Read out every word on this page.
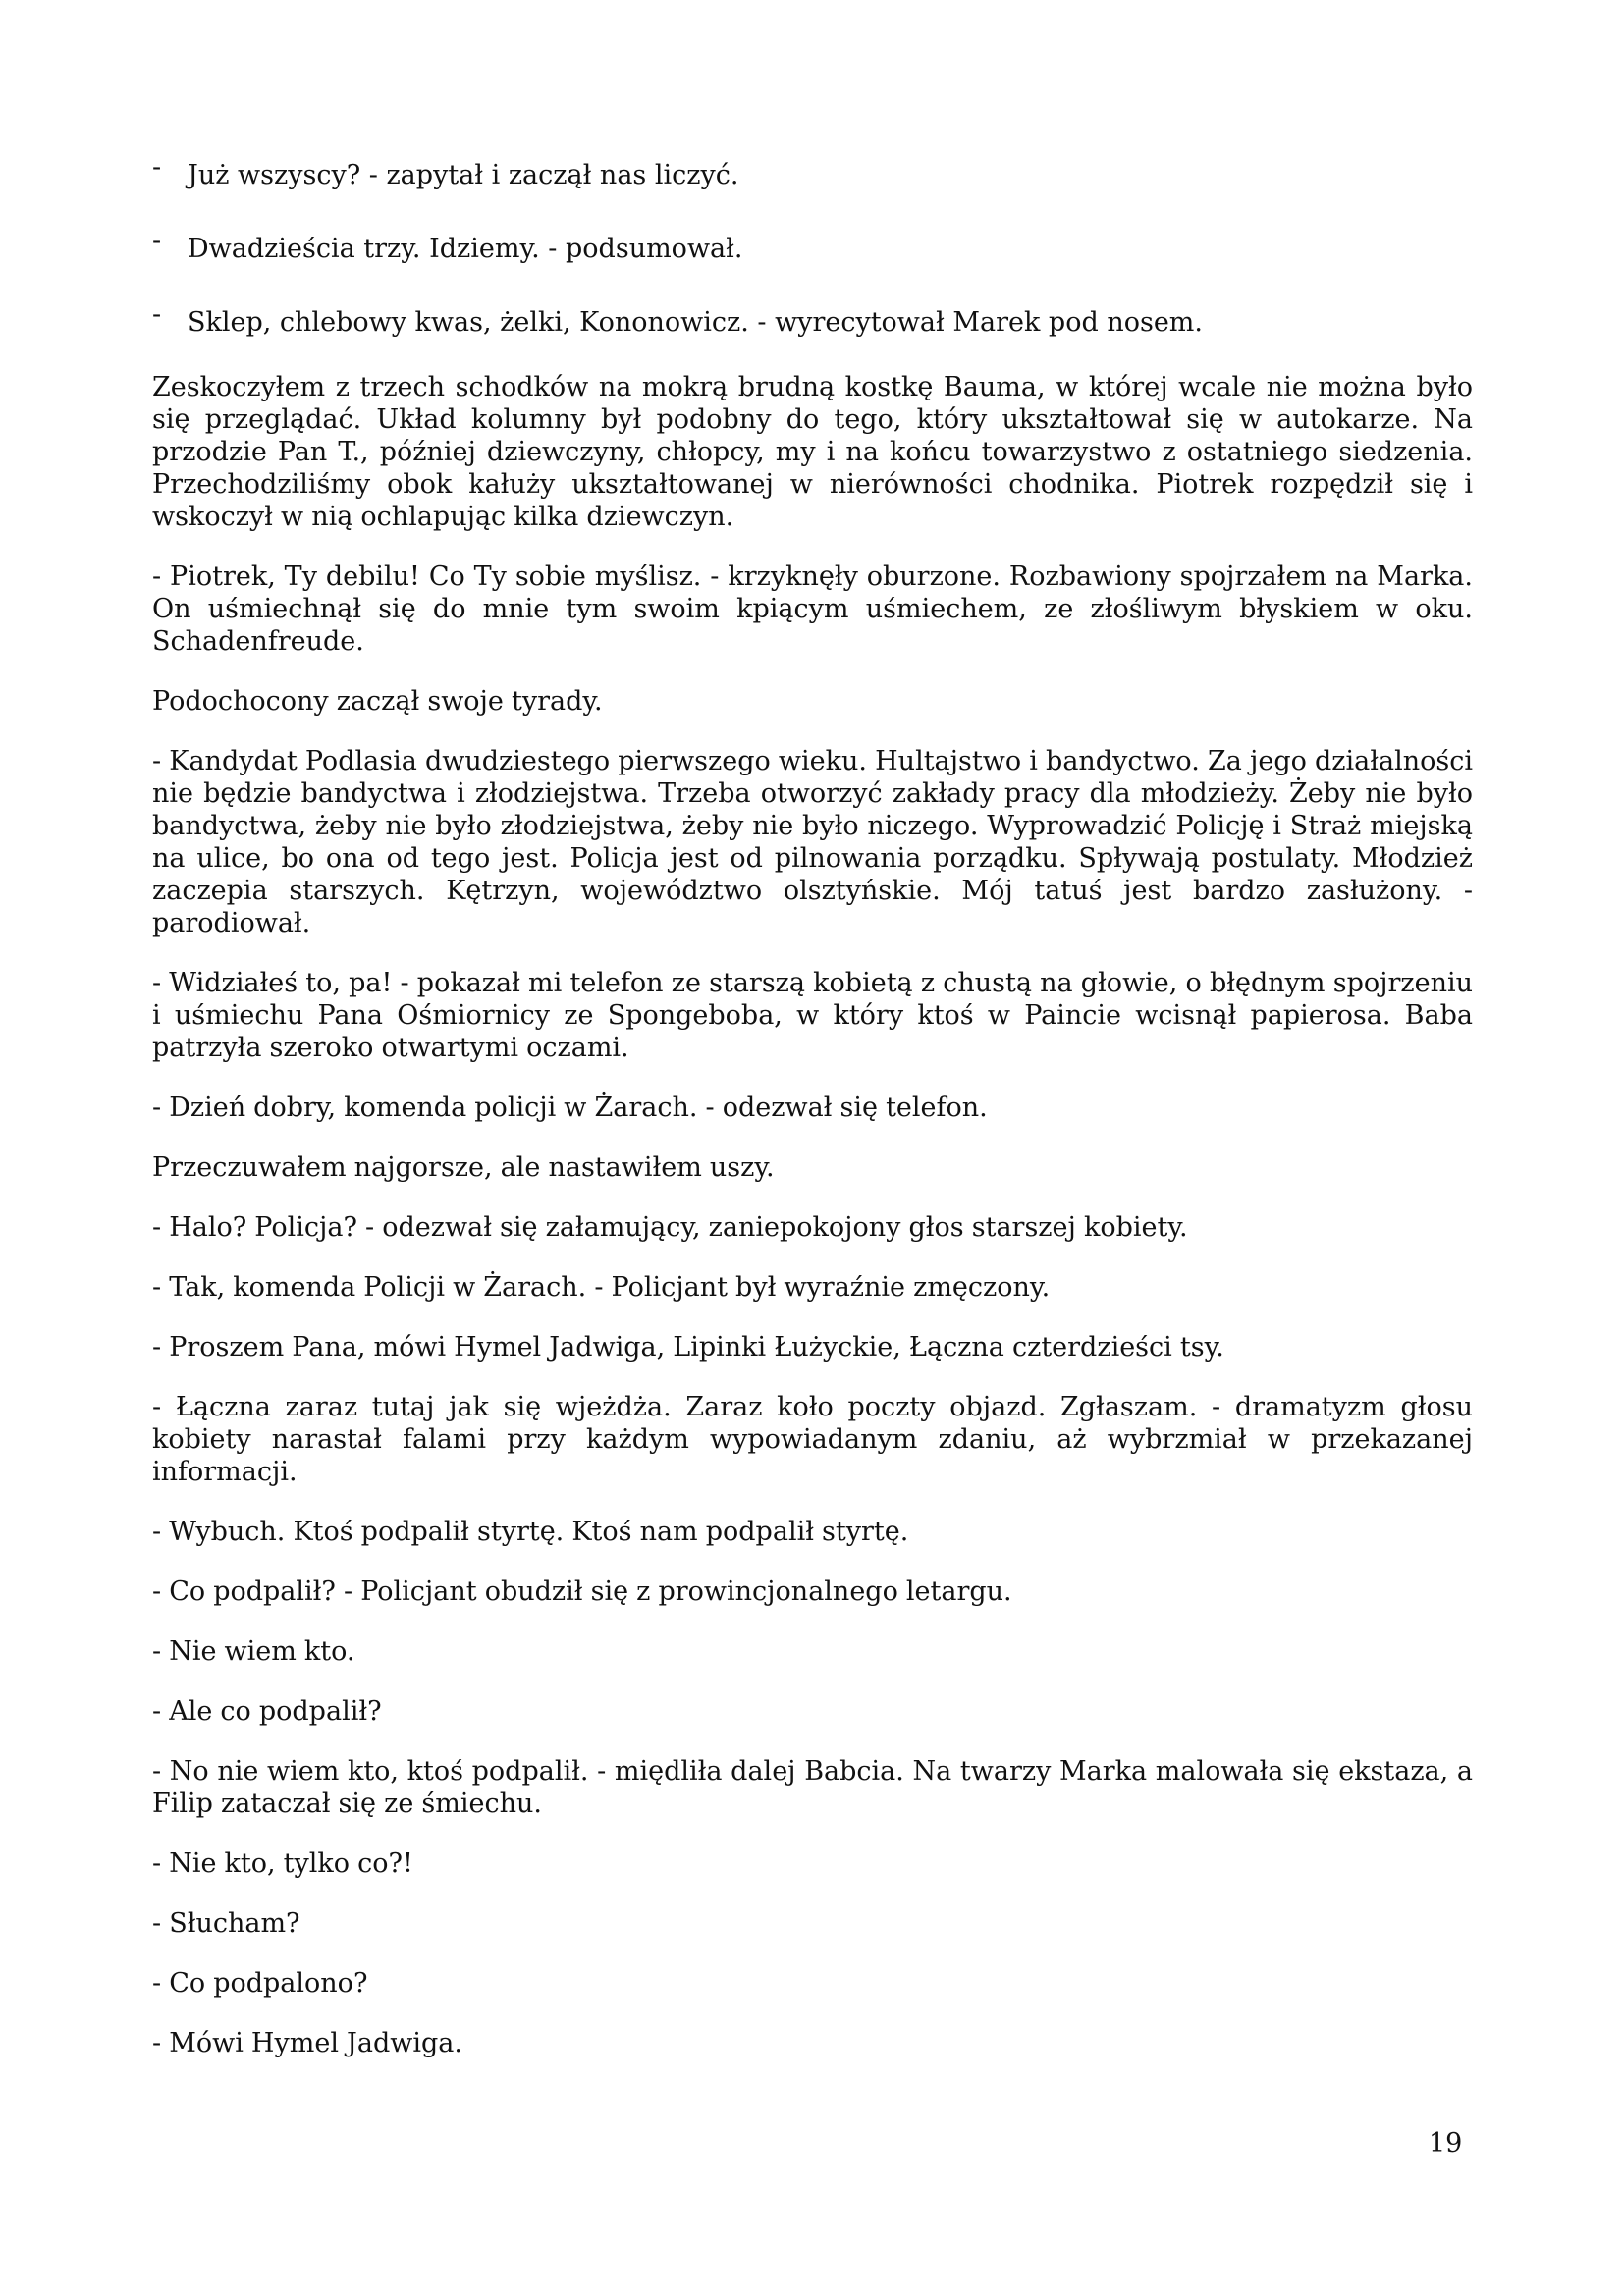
- Już wszyscy? - zapytał i zaczął nas liczyć.
- Dwadzieścia trzy. Idziemy. - podsumował.
- Sklep, chlebowy kwas, żelki, Kononowicz. - wyrecytował Marek pod nosem.

Zeskoczyłem z trzech schodków na mokrą brudną kostkę Bauma, w której wcale nie można było się przeglądać. Układ kolumny był podobny do tego, który ukształtował się w autokarze. Na przodzie Pan T., później dziewczyny, chłopcy, my i na końcu towarzystwo z ostatniego siedzenia. Przechodziliśmy obok kałuży ukształtowanej w nierówności chodnika. Piotrek rozpędził się i wskoczył w nią ochlapując kilka dziewczyn.

- Piotrek, Ty debilu! Co Ty sobie myślisz. - krzyknęły oburzone. Rozbawiony spojrzałem na Marka. On uśmiechnął się do mnie tym swoim kpiącym uśmiechem, ze złośliwym błyskiem w oku. Schadenfreude.

Podochocony zaczął swoje tyrady.

- Kandydat Podlasia dwudziestego pierwszego wieku. Hultajstwo i bandyctwo. Za jego działalności nie będzie bandyctwa i złodziejstwa. Trzeba otworzyć zakłady pracy dla młodzieży. Żeby nie było bandyctwa, żeby nie było złodziejstwa, żeby nie było niczego. Wyprowadzić Policję i Straż miejską na ulice, bo ona od tego jest. Policja jest od pilnowania porządku. Spływają postulaty. Młodzież zaczepia starszych. Kętrzyn, województwo olsztyńskie. Mój tatuś jest bardzo zasłużony. - parodiował.

- Widziałeś to, pa! - pokazał mi telefon ze starszą kobietą z chustą na głowie, o błędnym spojrzeniu i uśmiechu Pana Ośmiornicy ze Spongeboba, w który ktoś w Paincie wcisnął papierosa. Baba patrzyła szeroko otwartymi oczami.

- Dzień dobry, komenda policji w Żarach. - odezwał się telefon.

Przeczuwałem najgorsze, ale nastawiłem uszy.

- Halo? Policja? - odezwał się załamujący, zaniepokojony głos starszej kobiety.

- Tak, komenda Policji w Żarach. - Policjant był wyraźnie zmęczony.

- Proszem Pana, mówi Hymel Jadwiga, Lipinki Łużyckie, Łączna czterdzieści tsy.

- Łączna zaraz tutaj jak się wjeżdża. Zaraz koło poczty objazd. Zgłaszam. - dramatyzm głosu kobiety narastał falami przy każdym wypowiadanym zdaniu, aż wybrzmiał w przekazanej informacji.

- Wybuch. Ktoś podpalił styrtę. Ktoś nam podpalił styrtę.

- Co podpalił? - Policjant obudził się z prowincjonalnego letargu.

- Nie wiem kto.

- Ale co podpalił?

- No nie wiem kto, ktoś podpalił. - międliła dalej Babcia. Na twarzy Marka malowała się ekstaza, a Filip zataczał się ze śmiechu.

- Nie kto, tylko co?!

- Słucham?

- Co podpalono?

- Mówi Hymel Jadwiga.

19
